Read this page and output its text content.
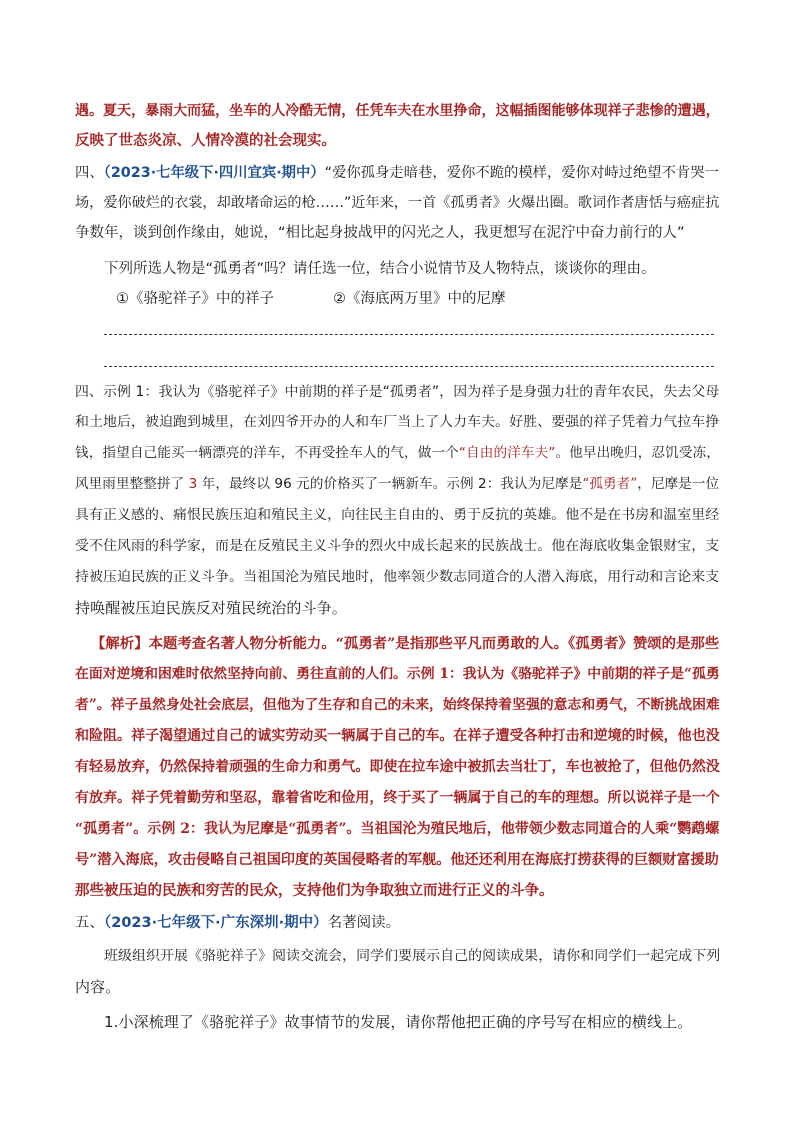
遇。夏天，暴雨大而猛，坐车的人冷酷无情，任凭车夫在水里挣命，这幅插图能够体现祥子悲惨的遭遇，
反映了世态炎凉、人情冷漠的社会现实。
四、（2023·七年级下·四川宜宾·期中）“爱你孤身走暗巷，爱你不跪的模样，爱你对峙过绝望不肯哭一
场，爱你破烂的衣裳，却敢堵命运的枪……”近年来，一首《孤勇者》火爆出圈。歌词作者唐恬与癌症抗
争数年，谈到创作缘由，她说，“相比起身披战甲的闪光之人，我更想写在泥泞中奋力前行的人”
下列所选人物是“孤勇者”吗？请任选一位，结合小说情节及人物特点，谈谈你的理由。
①《骆驼祥子》中的祥子	②《海底两万里》中的尼摩
四、示例 1：我认为《骆驼祥子》中前期的祥子是“孤勇者”，因为祥子是身强力壮的青年农民，失去父母
和土地后，被迫跑到城里，在刘四爷开办的人和车厂当上了人力车夫。好胜、要强的祥子凭着力气拉车挣
钱，指望自己能买一辆漂亮的洋车，不再受拴车人的气，做一个“自由的洋车夫”。他早出晚归，忍饥受冻，
风里雨里整整拼了 3 年，最终以 96 元的价格买了一辆新车。示例 2：我认为尼摩是“孤勇者”，尼摩是一位
具有正义感的、痛恨民族压迫和殖民主义，向往民主自由的、勇于反抗的英雄。他不是在书房和温室里经
受不住风雨的科学家，而是在反殖民主义斗争的烈火中成长起来的民族战士。他在海底收集金银财宝，支
持被压迫民族的正义斗争。当祖国沦为殖民地时，他率领少数志同道合的人潜入海底，用行动和言论来支
持唤醒被压迫民族反对殖民统治的斗争。
【解析】本题考查名著人物分析能力。“孤勇者”是指那些平凡而勇敢的人。《孤勇者》赞颂的是那些
在面对逆境和困难时依然坚持向前、勇往直前的人们。示例 1：我认为《骆驼祥子》中前期的祥子是“孤勇
者”。祥子虽然身处社会底层，但他为了生存和自己的未来，始终保持着坚强的意志和勇气，不断挑战困难
和险阻。祥子渴望通过自己的诚实劳动买一辆属于自己的车。在祥子遭受各种打击和逆境的时候，他也没
有轻易放弃，仍然保持着顽强的生命力和勇气。即使在拉车途中被抓去当壮丁，车也被抢了，但他仍然没
有放弃。祥子凭着勤劳和坚忍，靠着省吃和俭用，终于买了一辆属于自己的车的理想。所以说祥子是一个
“孤勇者”。示例 2：我认为尼摩是“孤勇者”。当祖国沦为殖民地后，他带领少数志同道合的人乘“鹦鹉螺
号”潜入海底，攻击侵略自己祖国印度的英国侵略者的军舰。他还还利用在海底打捞获得的巨额财富援助
那些被压迫的民族和穷苦的民众，支持他们为争取独立而进行正义的斗争。
五、（2023·七年级下·广东深圳·期中）名著阅读。
班级组织开展《骆驼祥子》阅读交流会，同学们要展示自己的阅读成果，请你和同学们一起完成下列
内容。
1.小深梳理了《骆驼祥子》故事情节的发展，请你帮他把正确的序号写在相应的横线上。
